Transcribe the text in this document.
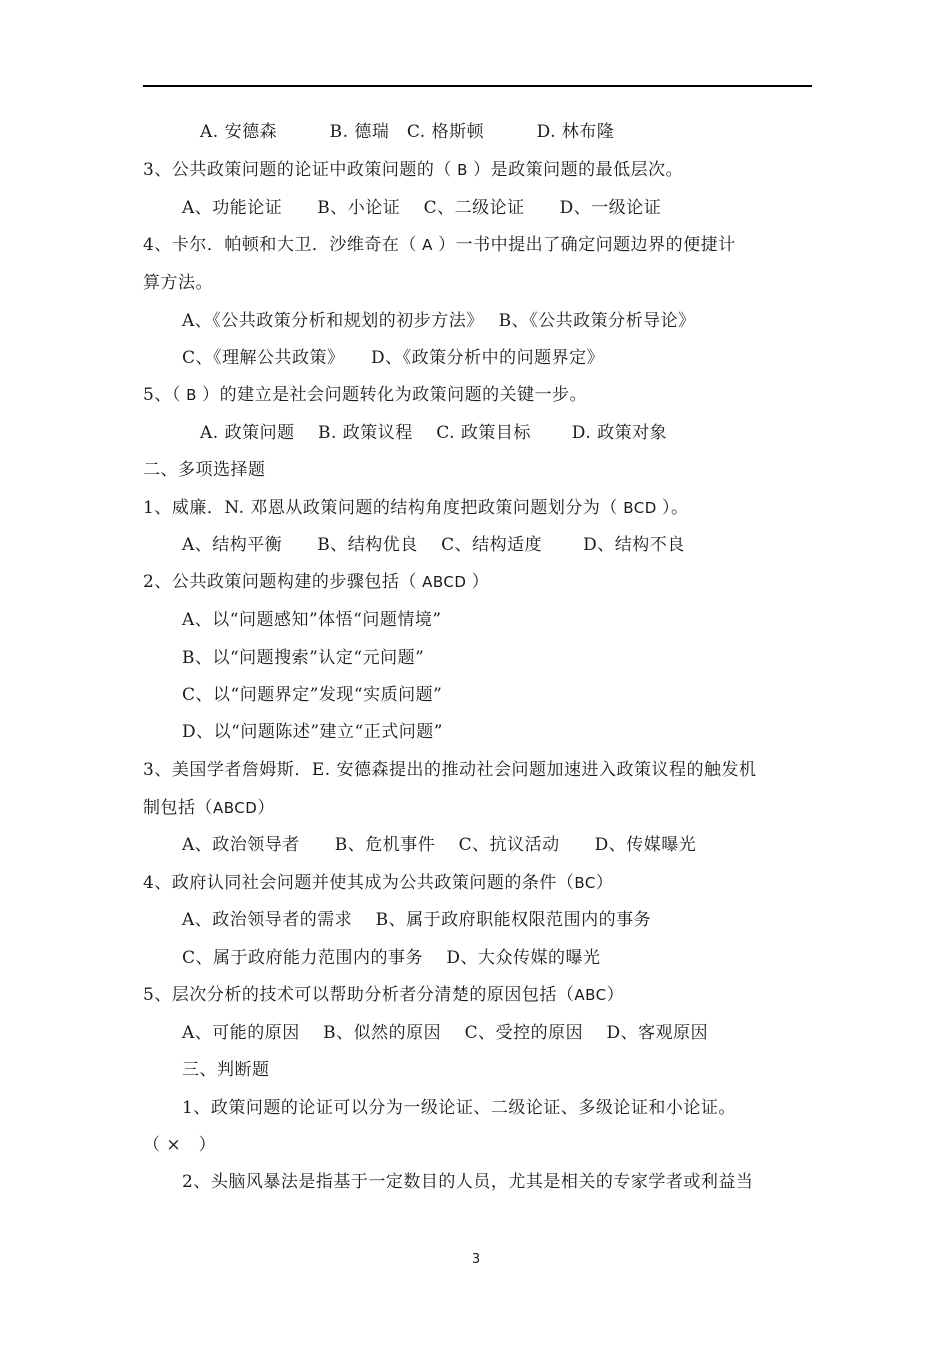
A. 安德森　　　B. 德瑞　C. 格斯顿　　　D. 林布隆
3、公共政策问题的论证中政策问题的（ B ）是政策问题的最低层次。
A、功能论证　　B、小论证　 C、二级论证　　D、一级论证
4、卡尔．帕顿和大卫．沙维奇在（ A ）一书中提出了确定问题边界的便捷计
算方法。
A、《公共政策分析和规划的初步方法》　 B、《公共政策分析导论》
C、《理解公共政策》　　D、《政策分析中的问题界定》
5、（ B ）的建立是社会问题转化为政策问题的关键一步。
A. 政策问题　 B. 政策议程　 C. 政策目标　　 D. 政策对象
二、多项选择题
1、威廉．N. 邓恩从政策问题的结构角度把政策问题划分为（ BCD ）。
A、结构平衡　　B、结构优良　 C、结构适度　　 D、结构不良
2、公共政策问题构建的步骤包括（ ABCD ）
A、以“问题感知”体悟“问题情境”
B、以“问题搜索”认定“元问题”
C、以“问题界定”发现“实质问题”
D、以“问题陈述”建立“正式问题”
3、美国学者詹姆斯．E. 安德森提出的推动社会问题加速进入政策议程的触发机
制包括（ABCD）
A、政治领导者　　B、危机事件　 C、抗议活动　　D、传媒曝光
4、政府认同社会问题并使其成为公共政策问题的条件（BC）
A、政治领导者的需求　 B、属于政府职能权限范围内的事务
C、属于政府能力范围内的事务　 D、大众传媒的曝光
5、层次分析的技术可以帮助分析者分清楚的原因包括（ABC）
A、可能的原因　 B、似然的原因　 C、受控的原因　 D、客观原因
三、判断题
1、政策问题的论证可以分为一级论证、二级论证、多级论证和小论证。
（ ×　）
2、头脑风暴法是指基于一定数目的人员，尤其是相关的专家学者或利益当
3
